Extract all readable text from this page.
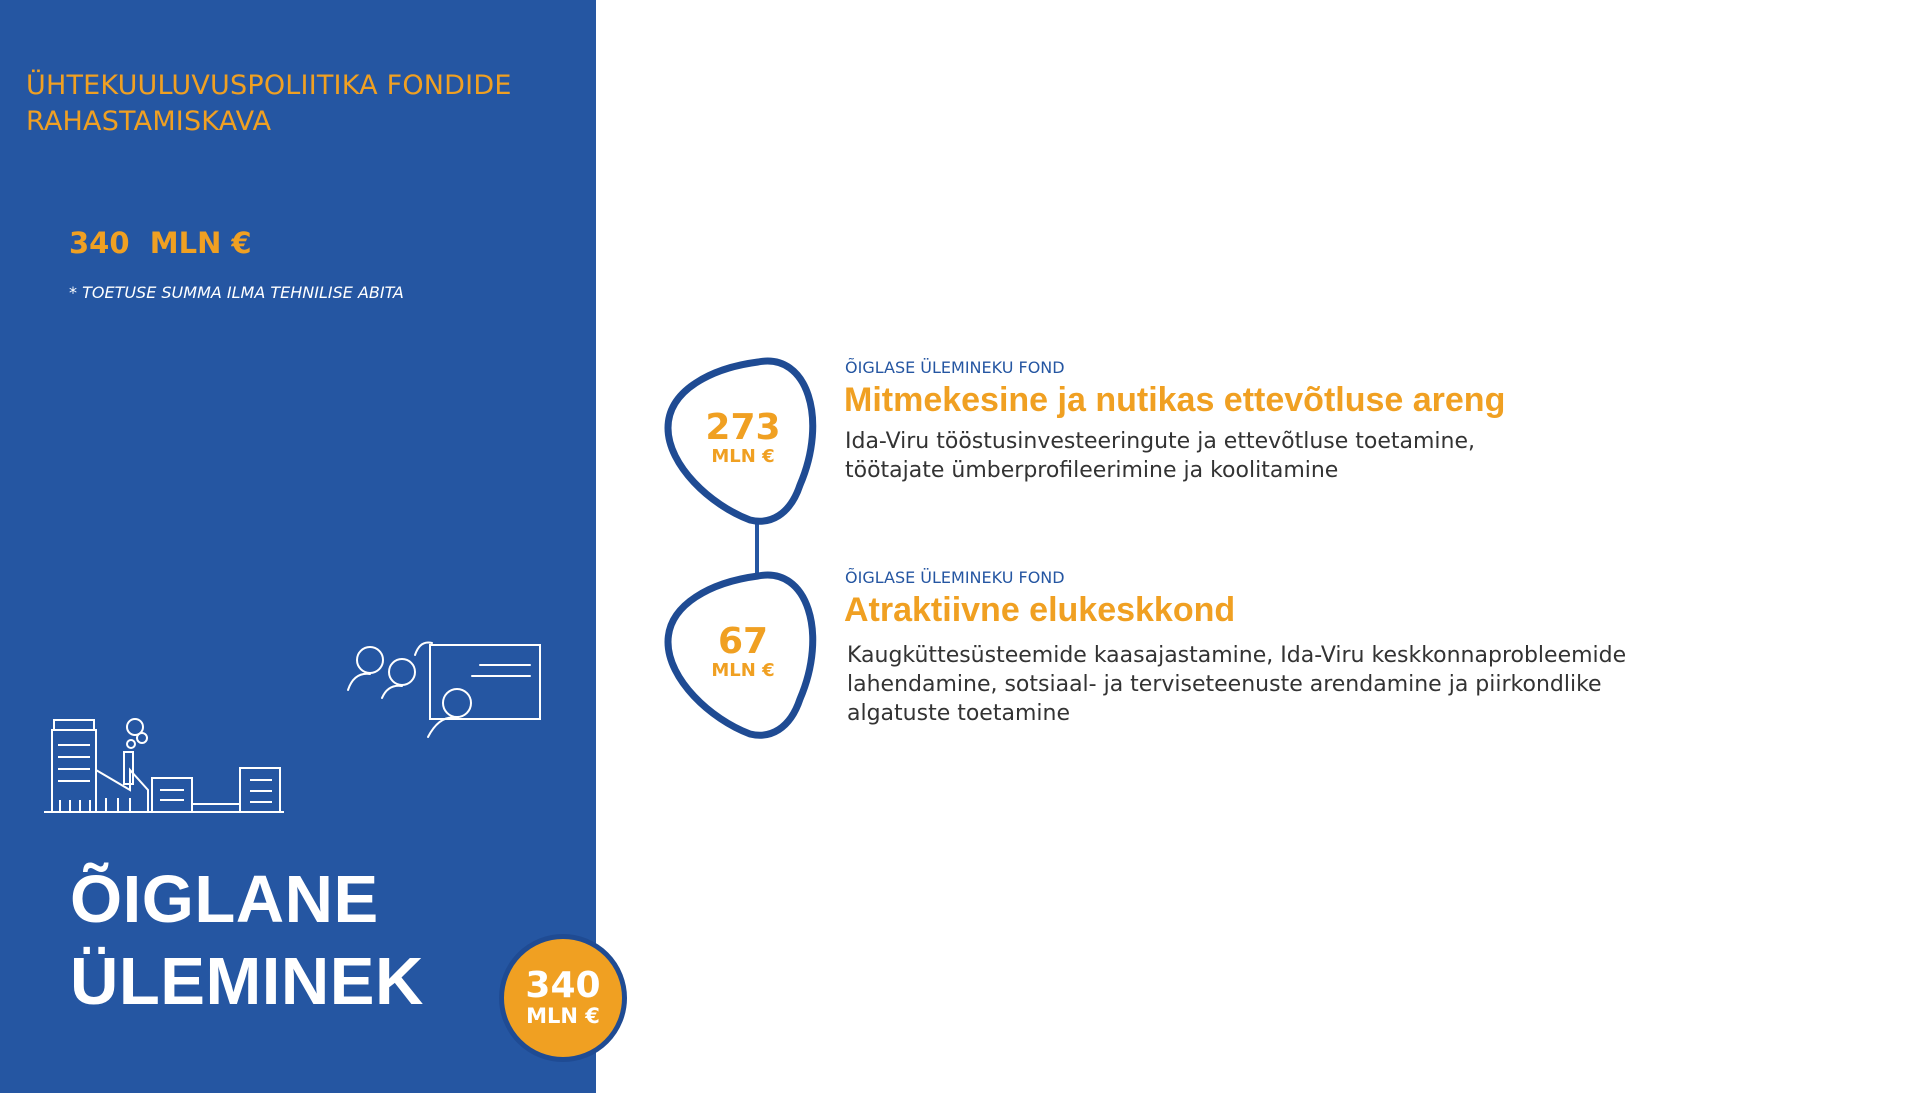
ÜHTEKUULUVUSPOLIITIKA FONDIDE
RAHASTAMISKAVA
340  MLN €
* TOETUSE SUMMA ILMA TEHNILISE ABITA
ÕIGLANE
ÜLEMINEK	340
MLN €
273
MLN €
67
MLN €
ÕIGLASE ÜLEMINEKU FOND
Mitmekesine ja nutikas ettevõtluse areng
Ida-Viru tööstusinvesteeringute ja ettevõtluse toetamine,
töötajate ümberprofileerimine ja koolitamine
ÕIGLASE ÜLEMINEKU FOND
Atraktiivne elukeskkond
Kaugküttesüsteemide kaasajastamine, Ida-Viru keskkonnaprobleemide
lahendamine, sotsiaal- ja terviseteenuste arendamine ja piirkondlike
algatuste toetamine
